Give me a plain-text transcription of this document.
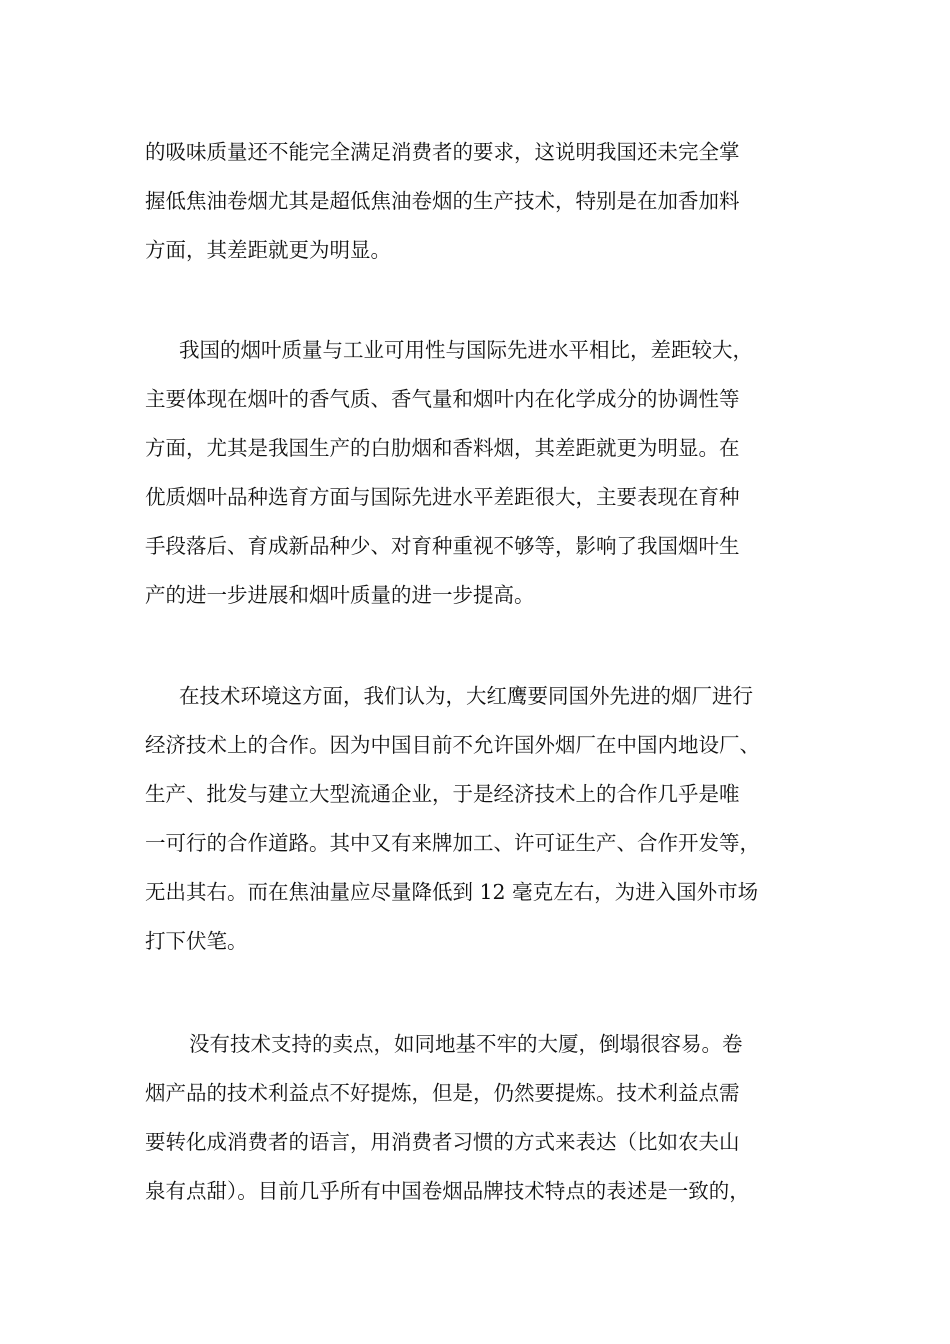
的吸味质量还不能完全满足消费者的要求，这说明我国还未完全掌
握低焦油卷烟尤其是超低焦油卷烟的生产技术，特别是在加香加料
方面，其差距就更为明显。

我国的烟叶质量与工业可用性与国际先进水平相比，差距较大，
主要体现在烟叶的香气质、香气量和烟叶内在化学成分的协调性等
方面，尤其是我国生产的白肋烟和香料烟，其差距就更为明显。在
优质烟叶品种选育方面与国际先进水平差距很大，主要表现在育种
手段落后、育成新品种少、对育种重视不够等，影响了我国烟叶生
产的进一步进展和烟叶质量的进一步提高。

在技术环境这方面，我们认为，大红鹰要同国外先进的烟厂进行
经济技术上的合作。因为中国目前不允许国外烟厂在中国内地设厂、
生产、批发与建立大型流通企业，于是经济技术上的合作几乎是唯
一可行的合作道路。其中又有来牌加工、许可证生产、合作开发等，
无出其右。而在焦油量应尽量降低到 12 毫克左右，为进入国外市场
打下伏笔。

没有技术支持的卖点，如同地基不牢的大厦，倒塌很容易。卷
烟产品的技术利益点不好提炼，但是，仍然要提炼。技术利益点需
要转化成消费者的语言，用消费者习惯的方式来表达（比如农夫山
泉有点甜）。目前几乎所有中国卷烟品牌技术特点的表述是一致的，
